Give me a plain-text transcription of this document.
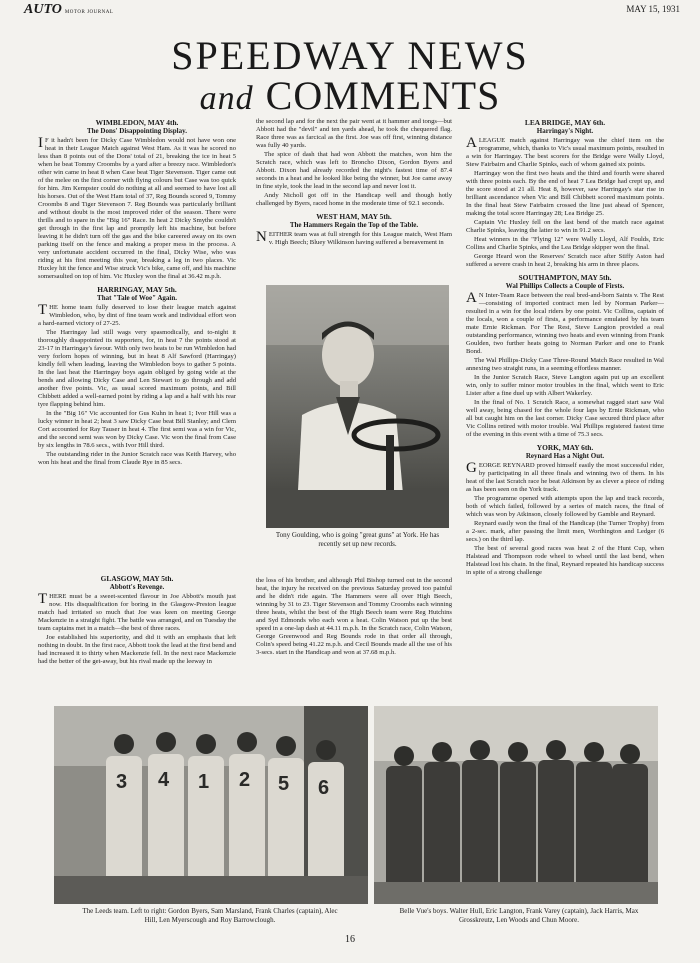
AUTO MOTOR JOURNAL	MAY 15, 1931
SPEEDWAY NEWS
and COMMENTS
WIMBLEDON, MAY 4th.
The Dons' Disappointing Display.

I F it hadn't been for Dicky Case Wimbledon would not have won one heat in their League Match against West Ham. As it was he scored no less than 8 points out of the Dons' total of 21, breaking the ice in heat 5 when he beat Tommy Croombs by a yard after a breezy race. Wimbledon's other win came in heat 8 when Case beat Tiger Stevenson. Tiger came out of the melee on the first corner with flying colours but Case was too quick for him. Jim Kempster could do nothing at all and seemed to have lost all his horses. Out of the West Ham total of 37, Reg Bounds scored 9, Tommy Croombs 8 and Tiger Stevenson 7. Reg Bounds was particularly brilliant and without doubt is the most improved rider of the season. There were thrills and to spare in the "Big 16" Race. In heat 2 Dicky Smythe couldn't get through in the first lap and promptly left his machine, but before leaving it he didn't turn off the gas and the bike careered away on its own parking itself on the fence and making a proper mess in the process. A very unfortunate accident occurred in the final, Dicky Wise, who was riding at his first meeting this year, breaking a leg in two places. Vic Huxley hit the fence and Wise struck Vic's bike, came off, and his machine somersaulted on top of him. Vic Huxley won the final at 36.42 m.p.h.

HARRINGAY, MAY 5th.
That "Tale of Woe" Again.

THE home team fully deserved to lose their league match against Wimbledon, who, by dint of fine team work and individual effort won a hard-earned victory of 27-25.

The Harringay lad still wags very spasmodically, and to-night it thoroughly disappointed its supporters, for, in heat 7 the points stood at 23-17 in Harringay's favour. With only two heats to be run Wimbledon had very forlorn hopes of winning, but in heat 8 Alf Sawford (Harringay) kindly fell when leading, leaving the Wimbledon boys to gather 5 points. In the last heat the Harringay boys again obliged by going wide at the bends and allowing Dicky Case and Len Stewart to go through and add another five points. Vic, as usual scored maximum points, and Bill Chibbett added a well-earned point by riding a lap and a half with his rear tyre flapping behind him.

In the "Big 16" Vic accounted for Gus Kuhn in heat 1; Ivor Hill was a lucky winner in heat 2; heat 3 saw Dicky Case beat Bill Stanley; and Clem Cort accounted for Ray Tauser in heat 4. The first semi was a win for Vic, and the second semi was won by Dicky Case. Vic won the final from Case by six lengths in 78.6 secs., with Ivor Hill third.

The outstanding rider in the Junior Scratch race was Keith Harvey, who won his heat and the final from Claude Rye in 85 secs.

GLASGOW, MAY 5th.
Abbott's Revenge.

THERE must be a sweet-scented flavour in Joe Abbott's mouth just now. His disqualification for boring in the Glasgow-Preston league match had irritated so much that Joe was keen on meeting George Mackenzie in a straight fight. The battle was arranged, and on Tuesday the team captains met in a match—the best of three races.

Joe established his superiority, and did it with an emphasis that left nothing in doubt. In the first race, Abbott took the lead at the first bend and had increased it to thirty when Mackenzie fell. In the next race Mackenzie had the better of the get-away, but his rival made up the leeway in

the second lap and for the next the pair went at it hammer and tongs—but Abbott had the "devil" and ten yards ahead, he took the chequered flag. Race three was as farcical as the first. Joe was off first, winning distance was fully 40 yards.

The spice of dash that had won Abbott the matches, won him the Scratch race, which was left to Broncho Dixon, Gordon Byers and Abbott. Dixon had already recorded the night's fastest time of 87.4 seconds in a heat and he looked like being the winner, but Joe came away in fine style, took the lead in the second lap and never lost it.

Andy Nicholl got off in the Handicap well and though hotly challenged by Byers, raced home in the moderate time of 92.1 seconds.

WEST HAM, MAY 5th.
The Hammers Regain the Top of the Table.

NEITHER team was at full strength for this League match, West Ham v. High Beech; Bluey Wilkinson having suffered a bereavement in

Tony Goulding, who is going "great guns" at York. He has recently set up new records.

the loss of his brother, and although Phil Bishop turned out in the second heat, the injury he received on the previous Saturday proved too painful and he didn't ride again. The Hammers were all over High Beech, winning by 31 to 23. Tiger Stevenson and Tommy Croombs each winning three heats, whilst the best of the High Beech team were Reg Hutchins and Syd Edmonds who each won a heat. Colin Watson put up the best speed in a one-lap dash at 44.11 m.p.h. In the Scratch race, Colin Watson, George Greenwood and Reg Bounds rode in that order all through, Colin's speed being 41.22 m.p.h. and Cecil Bounds made all the use of his 3-secs. start in the Handicap and won at 37.68 m.p.h.

LEA BRIDGE, MAY 6th.
Harringay's Night.

ALEAGUE match against Harringay was the chief item on the programme, which, thanks to Vic's usual maximum points, resulted in a win for Harringay. The best scorers for the Bridge were Wally Lloyd, Stew Fairbairn and Charlie Spinks, each of whom gained six points.

Harringay won the first two heats and the third and fourth were shared with three points each. By the end of heat 7 Lea Bridge had crept up, and the score stood at 21 all. Heat 8, however, saw Harringay's star rise in brilliant ascendance when Vic and Bill Chibbett scored maximum points. In the final heat Stew Fairbairn crossed the line just ahead of Spencer, making the total score Harringay 28; Lea Bridge 25.

Captain Vic Huxley fell on the last bend of the match race against Charlie Spinks, leaving the latter to win in 91.2 secs.

Heat winners in the "Flying 12" were Wally Lloyd, Alf Foulds, Eric Collins and Charlie Spinks, and the Lea Bridge skipper won the final.

George Heard won the Reserves' Scratch race after Stiffy Aston had suffered a severe crash in heat 2, breaking his arm in three places.

SOUTHAMPTON, MAY 5th.
Wal Phillips Collects a Couple of Firsts.

A N Inter-Team Race between the real bred-and-born Saints v. The Rest—consisting of imported contract men led by Norman Parker—resulted in a win for the local riders by one point. Vic Collins, captain of the locals, won a couple of firsts, a performance emulated by his team mate Ernie Rickman. For The Rest, Steve Langton provided a real outstanding performance, winning two heats and even winning from Frank Goulden, two further heats going to Norman Parker and one to Frank Bond.

The Wal Phillips-Dicky Case Three-Round Match Race resulted in Wal annexing two straight runs, in a seeming effortless manner.

In the Junior Scratch Race, Steve Langton again put up an excellent win, only to suffer minor motor troubles in the final, which went to Eric Lister after a fine duel up with Albert Wakerley.

In the final of No. 1 Scratch Race, a somewhat ragged start saw Wal well away, being chased for the whole four laps by Ernie Rickman, who all but caught him on the last corner. Dicky Case secured third place after Vic Collins retired with motor trouble. Wal Phillips registered fastest time of the evening in this event with a time of 75.3 secs.

YORK, MAY 6th.
Reynard Has a Night Out.

GEORGE REYNARD proved himself easily the most successful rider, by participating in all three finals and winning two of them. In his heat of the last Scratch race he beat Atkinson by as clever a piece of riding as has been seen on the York track.

The programme opened with attempts upon the lap and track records, both of which failed, followed by a series of match races, the final of which was won by Atkinson, closely followed by Gamble and Reynard.

Reynard easily won the final of the Handicap (the Turner Trophy) from a 2-sec. mark, after passing the limit men, Worthington and Ledger (6 secs.) on the third lap.

The best of several good races was heat 2 of the Hunt Cup, when Halstead and Thompson rode wheel to wheel until the last bend, when Halstead lost his chain. In the final, Reynard repeated his handicap success in spite of a strong challenge

3 4 1 2 5 6
The Leeds team. Left to right: Gordon Byers, Sam Marsland, Frank Charles (captain), Alec Hill, Len Myerscough and Roy Barrowclough.
Belle Vue's boys. Walter Hull, Eric Langton, Frank Varey (captain), Jack Harris, Max Grosskreutz, Len Woods and Chun Moore.
16
